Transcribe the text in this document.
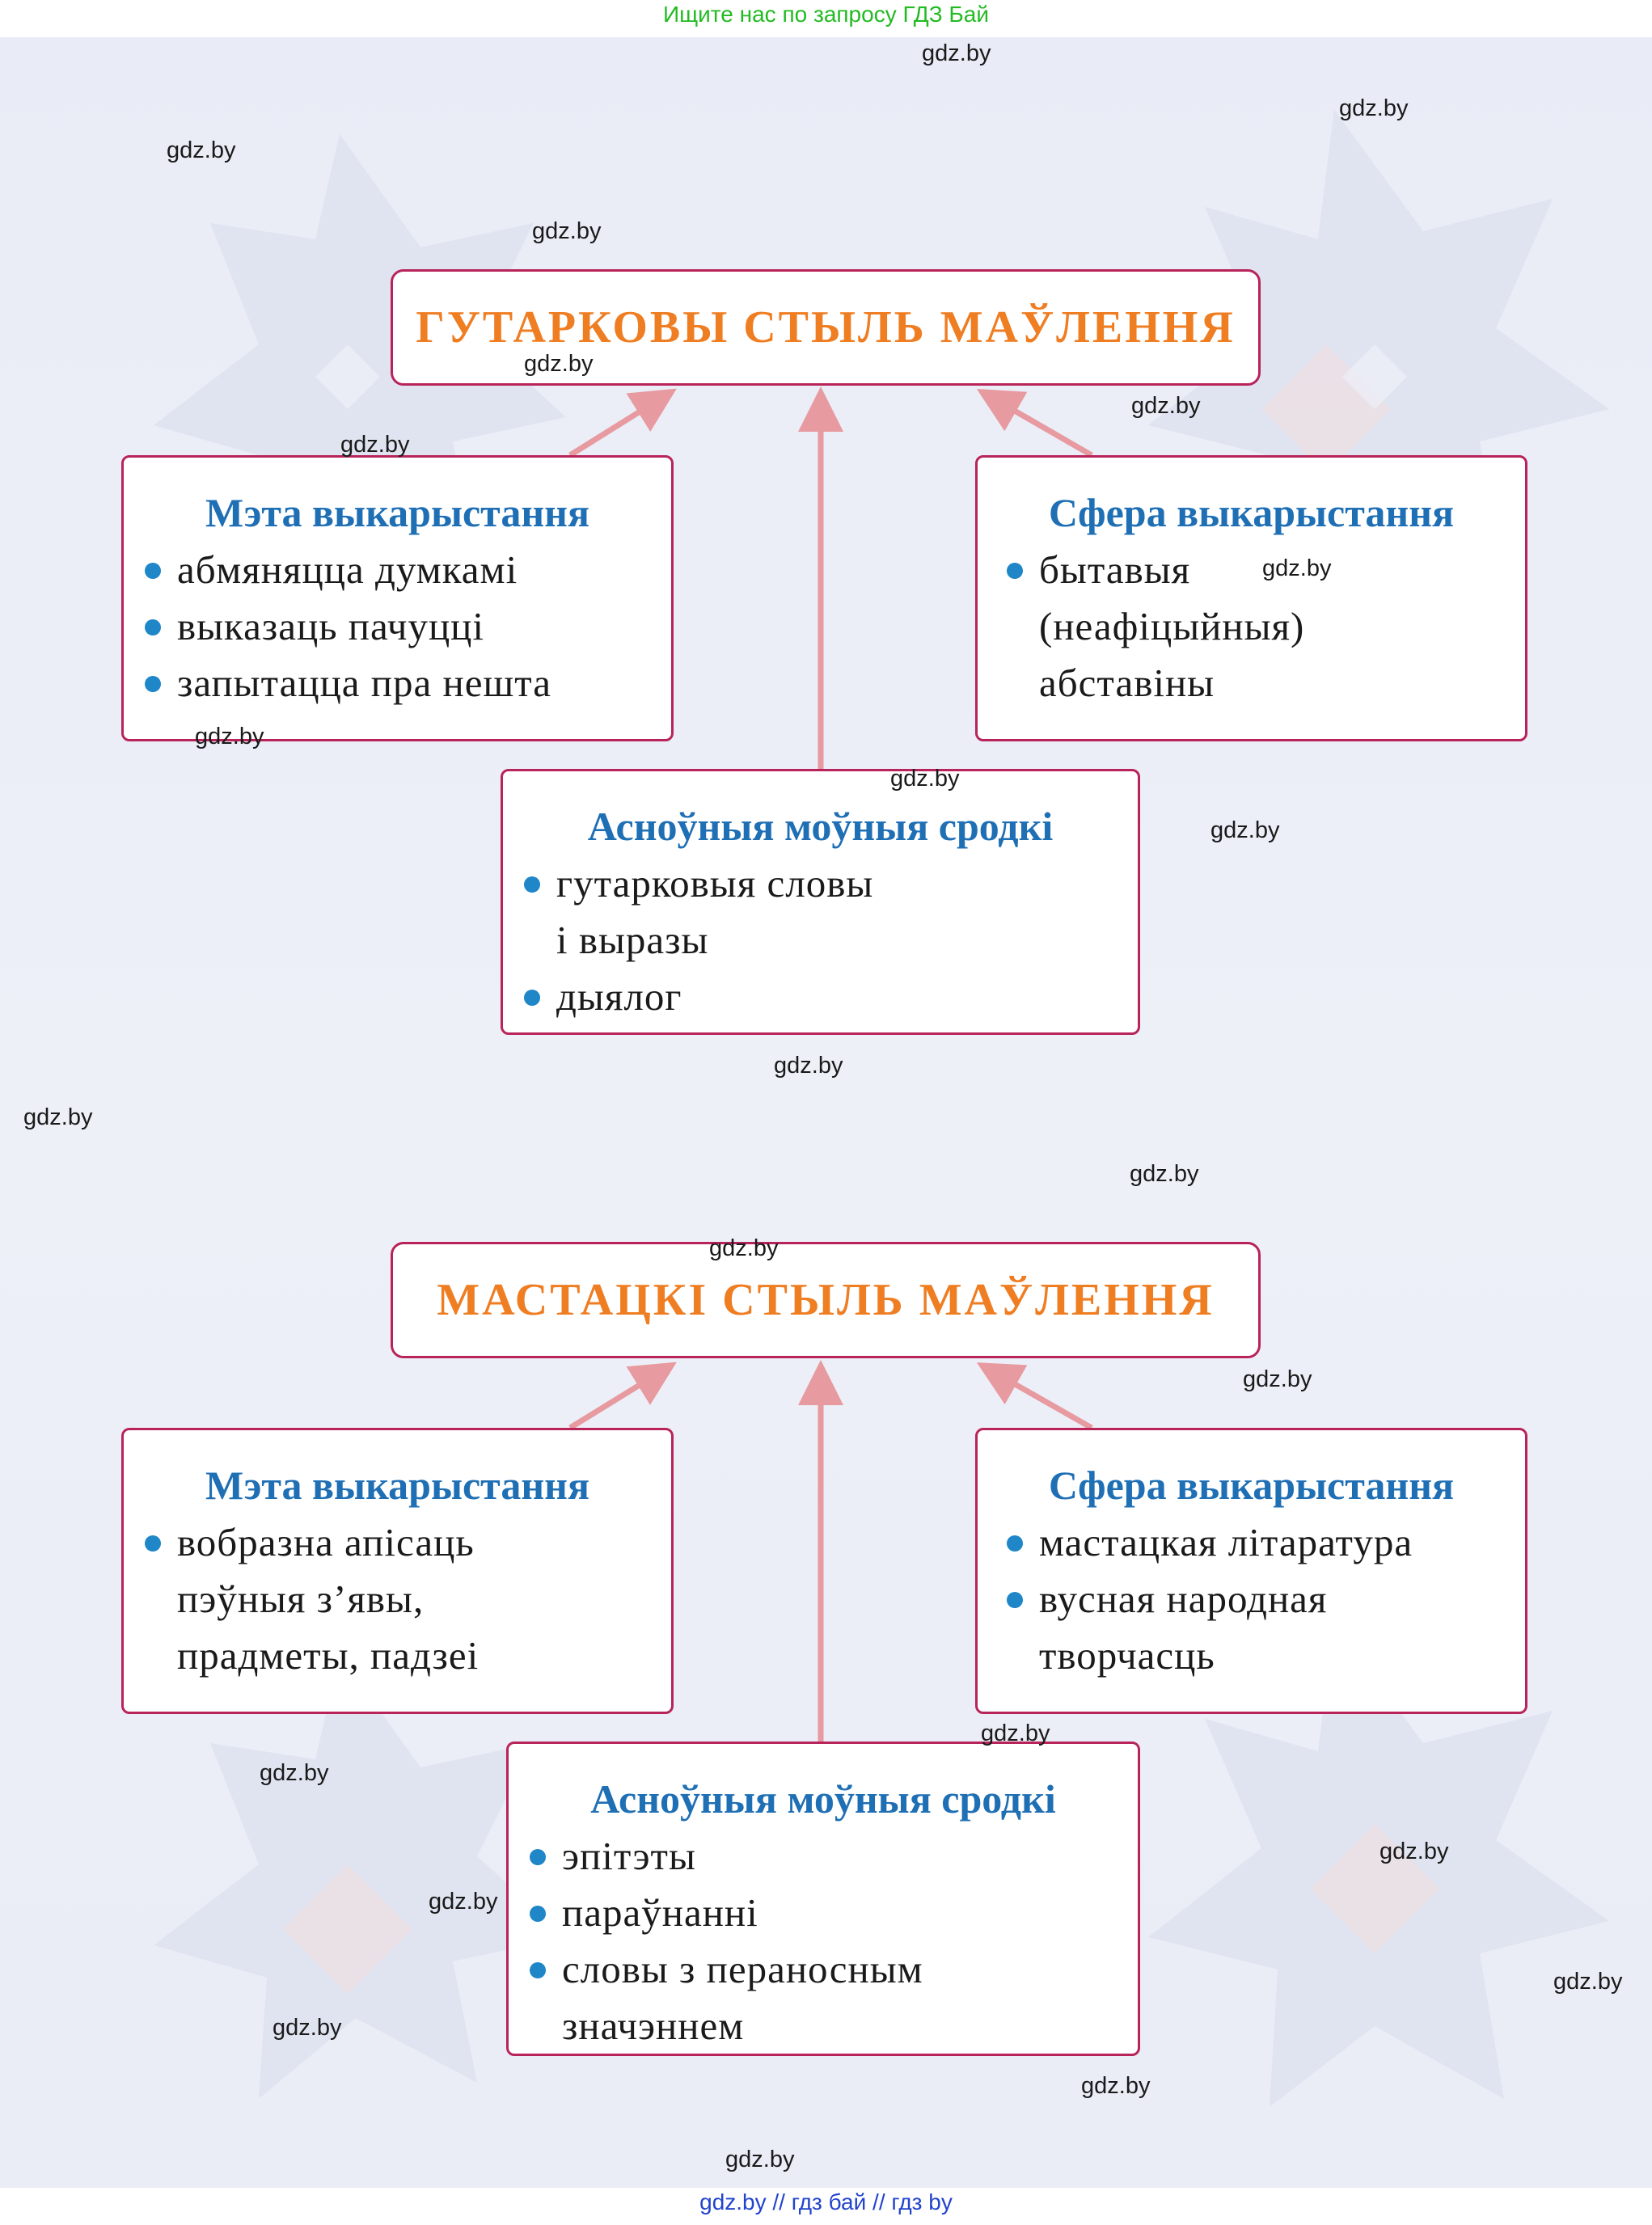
Ищите нас по запросу ГДЗ Бай
ГУТАРКОВЫ СТЫЛЬ МАЎЛЕННЯ
Мэта выкарыстання
абмяняцца думкамі
выказаць пачуцці
запытацца пра нешта
Сфера выкарыстання
бытавыя
(неафіцыйныя)
абставіны
Асноўныя моўныя сродкі
гутарковыя словы
і выразы
дыялог
МАСТАЦКІ СТЫЛЬ МАЎЛЕННЯ
Мэта выкарыстання
вобразна апісаць
пэўныя з’явы,
прадметы, падзеі
Сфера выкарыстання
мастацкая літаратура
вусная народная
творчасць
Асноўныя моўныя сродкі
эпітэты
параўнанні
словы з пераносным
значэннем
gdz.by
gdz.by
gdz.by
gdz.by
gdz.by
gdz.by
gdz.by
gdz.by
gdz.by
gdz.by
gdz.by
gdz.by
gdz.by
gdz.by
gdz.by
gdz.by
gdz.by
gdz.by
gdz.by
gdz.by
gdz.by
gdz.by
gdz.by
gdz.by
gdz.by // гдз бай // гдз by
